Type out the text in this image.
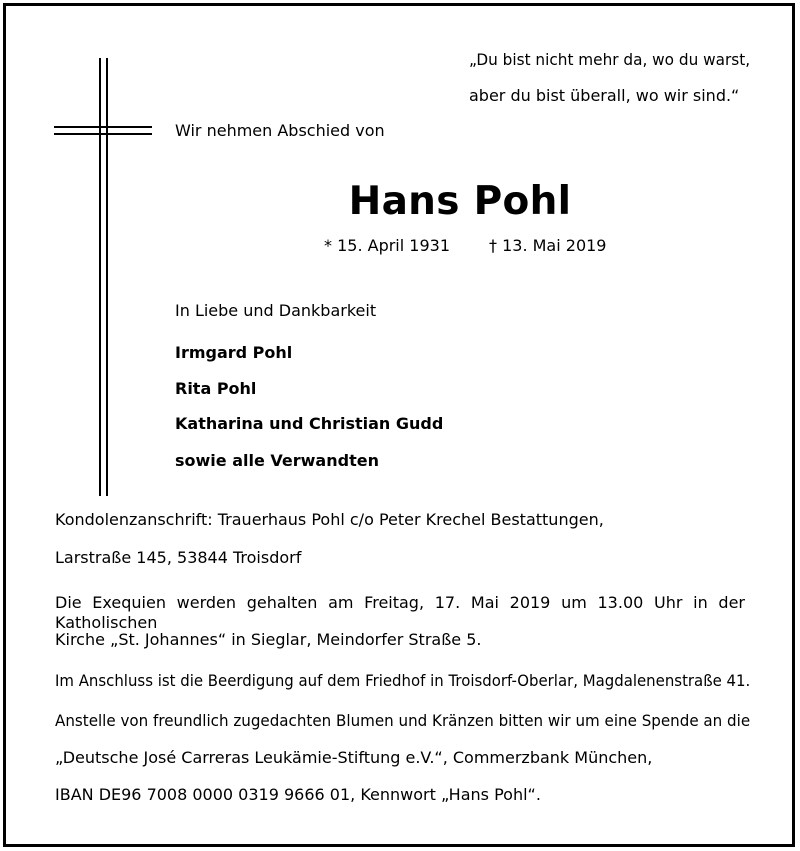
„Du bist nicht mehr da, wo du warst,
aber du bist überall, wo wir sind.“
Wir nehmen Abschied von
Hans Pohl
* 15. April 1931 † 13. Mai 2019
In Liebe und Dankbarkeit
Irmgard Pohl
Rita Pohl
Katharina und Christian Gudd
sowie alle Verwandten
Kondolenzanschrift: Trauerhaus Pohl c/o Peter Krechel Bestattungen,
Larstraße 145, 53844 Troisdorf
Die Exequien werden gehalten am Freitag, 17. Mai 2019 um 13.00 Uhr in der Katholischen
Kirche „St. Johannes“ in Sieglar, Meindorfer Straße 5.
Im Anschluss ist die Beerdigung auf dem Friedhof in Troisdorf-Oberlar, Magdalenenstraße 41.
Anstelle von freundlich zugedachten Blumen und Kränzen bitten wir um eine Spende an die
„Deutsche José Carreras Leukämie-Stiftung e.V.“, Commerzbank München,
IBAN DE96 7008 0000 0319 9666 01, Kennwort „Hans Pohl“.
